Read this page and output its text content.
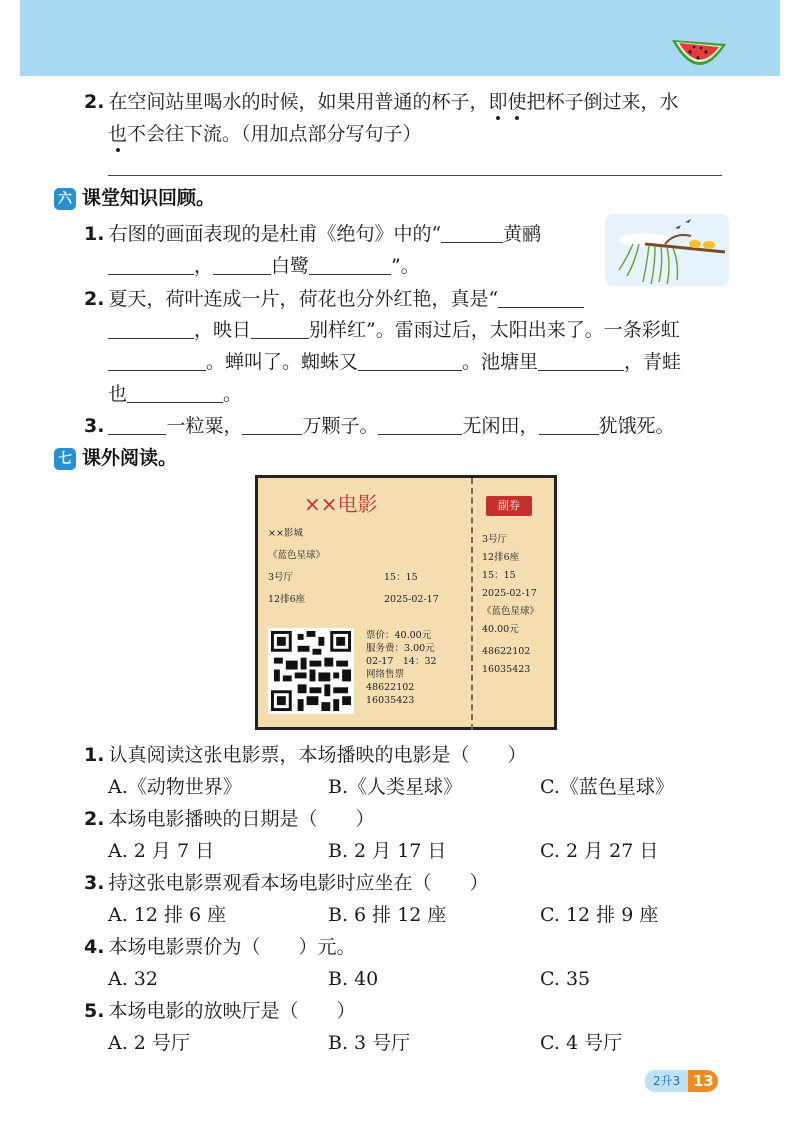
2. 在空间站里喝水的时候，如果用普通的杯子，即使把杯子倒过来，水
也不会往下流。（用加点部分写句子）
六 课堂知识回顾。
1. 右图的画面表现的是杜甫《绝句》中的“	黄鹂
，	白鹭	”。
2. 夏天，荷叶连成一片，荷花也分外红艳，真是“
，映日	别样红”。雷雨过后，太阳出来了。一条彩虹
。蝉叫了。蜘蛛又	。池塘里	，青蛙
也	。
3.	一粒粟，	万颗子。	无闲田，	犹饿死。
七 课外阅读。
××电影	副券
××影城
《蓝色星球》
3号厅	15：15
12排6座	2025-02-17
票价：40.00元
服务费：3.00元
02-17　14：32
网络售票
48622102
16035423
3号厅
12排6座
15：15
2025-02-17
《蓝色星球》
40.00元
48622102
16035423
1. 认真阅读这张电影票，本场播映的电影是（　　）
A.《动物世界》	B.《人类星球》	C.《蓝色星球》
2. 本场电影播映的日期是（　　）
A. 2 月 7 日	B. 2 月 17 日	C. 2 月 27 日
3. 持这张电影票观看本场电影时应坐在（　　）
A. 12 排 6 座	B. 6 排 12 座	C. 12 排 9 座
4. 本场电影票价为（　　）元。
A. 32	B. 40	C. 35
5. 本场电影的放映厅是（　　）
A. 2 号厅	B. 3 号厅	C. 4 号厅
2升3 13
